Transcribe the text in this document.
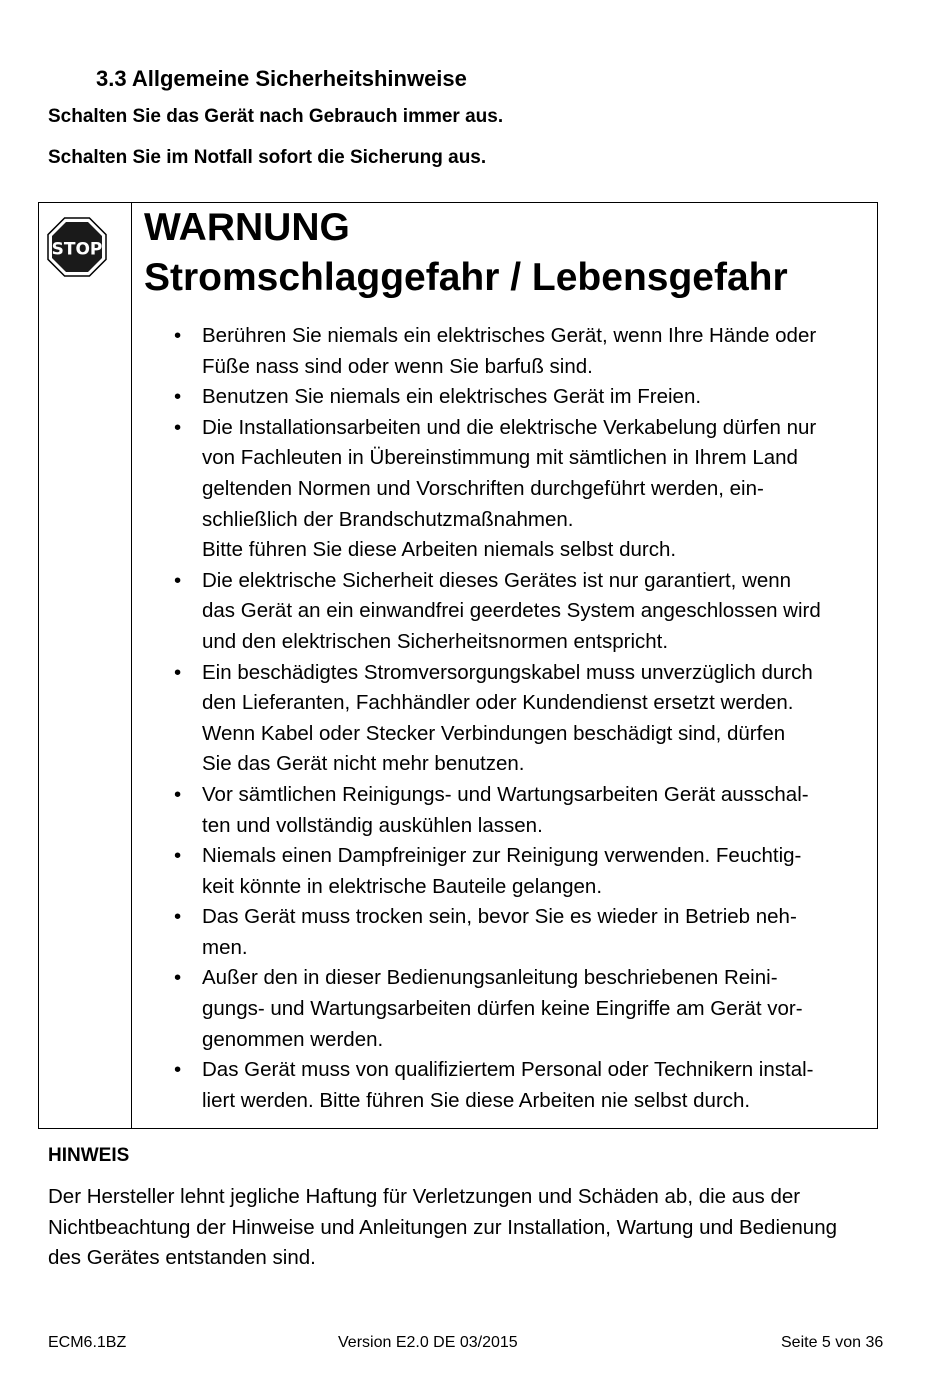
3.3 Allgemeine Sicherheitshinweise

Schalten Sie das Gerät nach Gebrauch immer aus.

Schalten Sie im Notfall sofort die Sicherung aus.

STOP
WARNUNG
Stromschlaggefahr / Lebensgefahr
• Berühren Sie niemals ein elektrisches Gerät, wenn Ihre Hände oder
Füße nass sind oder wenn Sie barfuß sind.
• Benutzen Sie niemals ein elektrisches Gerät im Freien.
• Die Installationsarbeiten und die elektrische Verkabelung dürfen nur
von Fachleuten in Übereinstimmung mit sämtlichen in Ihrem Land
geltenden Normen und Vorschriften durchgeführt werden, ein-
schließlich der Brandschutzmaßnahmen.
Bitte führen Sie diese Arbeiten niemals selbst durch.
• Die elektrische Sicherheit dieses Gerätes ist nur garantiert, wenn
das Gerät an ein einwandfrei geerdetes System angeschlossen wird
und den elektrischen Sicherheitsnormen entspricht.
• Ein beschädigtes Stromversorgungskabel muss unverzüglich durch
den Lieferanten, Fachhändler oder Kundendienst ersetzt werden.
Wenn Kabel oder Stecker Verbindungen beschädigt sind, dürfen
Sie das Gerät nicht mehr benutzen.
• Vor sämtlichen Reinigungs- und Wartungsarbeiten Gerät ausschal-
ten und vollständig auskühlen lassen.
• Niemals einen Dampfreiniger zur Reinigung verwenden. Feuchtig-
keit könnte in elektrische Bauteile gelangen.
• Das Gerät muss trocken sein, bevor Sie es wieder in Betrieb neh-
men.
• Außer den in dieser Bedienungsanleitung beschriebenen Reini-
gungs- und Wartungsarbeiten dürfen keine Eingriffe am Gerät vor-
genommen werden.
• Das Gerät muss von qualifiziertem Personal oder Technikern instal-
liert werden. Bitte führen Sie diese Arbeiten nie selbst durch.

HINWEIS

Der Hersteller lehnt jegliche Haftung für Verletzungen und Schäden ab, die aus der
Nichtbeachtung der Hinweise und Anleitungen zur Installation, Wartung und Bedienung
des Gerätes entstanden sind.

ECM6.1BZ	Version E2.0 DE 03/2015	Seite 5 von 36
